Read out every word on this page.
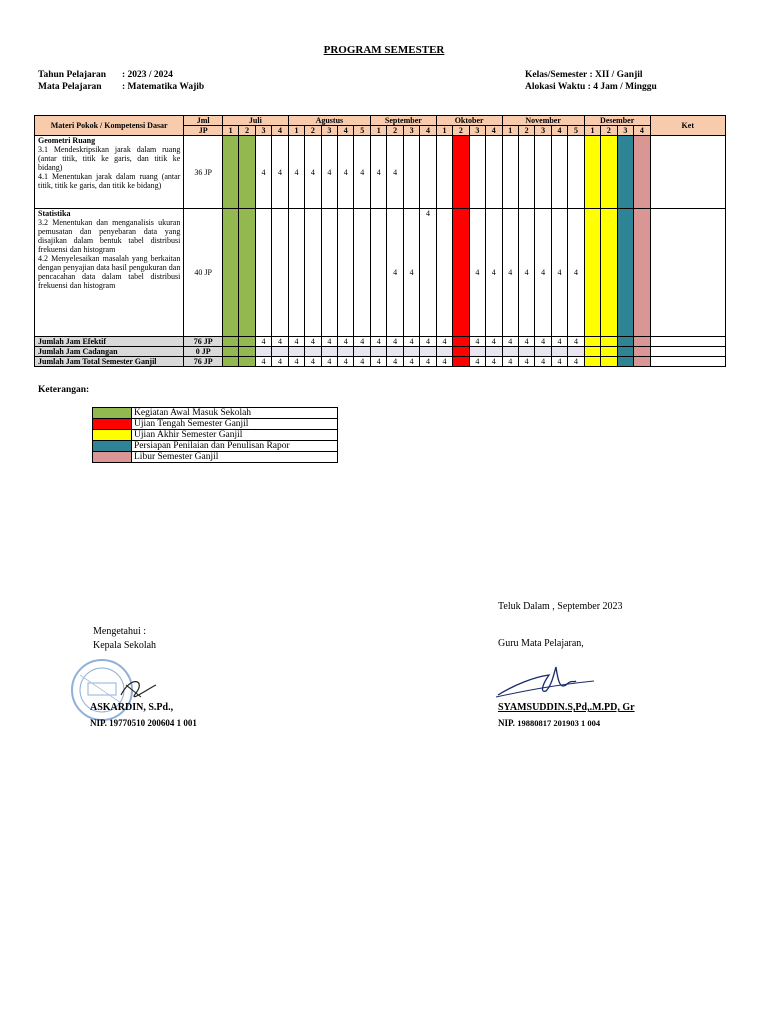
PROGRAM SEMESTER
Tahun Pelajaran : 2023 / 2024
Mata Pelajaran : Matematika Wajib
Kelas/Semester : XII / Ganjil
Alokasi Waktu : 4 Jam / Minggu
Materi Pokok / Kompetensi Dasar	Jml	Juli				Agustus					September				Oktober				November					Desember				Ket
	JP	1	2	3	4	1	2	3	4	5	1	2	3	4	1	2	3	4	1	2	3	4	5	1	2	3	4	

Geometri Ruang
3.1 Mendeskripsikan jarak dalam ruang (antar titik, titik ke garis, dan titik ke bidang)
4.1 Menentukan jarak dalam ruang (antar titik, titik ke garis, dan titik ke bidang)	36 JP			4	4	4	4	4	4	4	4	4																

Statistika
3.2 Menentukan dan menganalisis ukuran pemusatan dan penyebaran data yang disajikan dalam bentuk tabel distribusi frekuensi dan histogram
4.2 Menyelesaikan masalah yang berkaitan dengan penyajian data hasil pengukuran dan pencacahan data dalam tabel distribusi frekuensi dan histogram	40 JP											4	4	4			4	4	4	4	4	4	4					
Jumlah Jam Efektif	76 JP			4	4	4	4	4	4	4	4	4	4	4	4		4	4	4	4	4	4	4					
Jumlah Jam Cadangan	0 JP																											
Jumlah Jam Total Semester Ganjil	76 JP			4	4	4	4	4	4	4	4	4	4	4	4		4	4	4	4	4	4	4					
Keterangan:
	Kegiatan Awal Masuk Sekolah
	Ujian Tengah Semester Ganjil
	Ujian Akhir Semester Ganjil
	Persiapan Penilaian dan Penulisan Rapor
	Libur Semester Ganjil
Teluk Dalam , September 2023
Mengetahui :
Kepala Sekolah	Guru Mata Pelajaran,
ASKARDIN, S.Pd.,
NIP. 19770510 200604 1 001
SYAMSUDDIN.S,Pd,.M.PD, Gr
NIP. 19880817 201903 1 004
